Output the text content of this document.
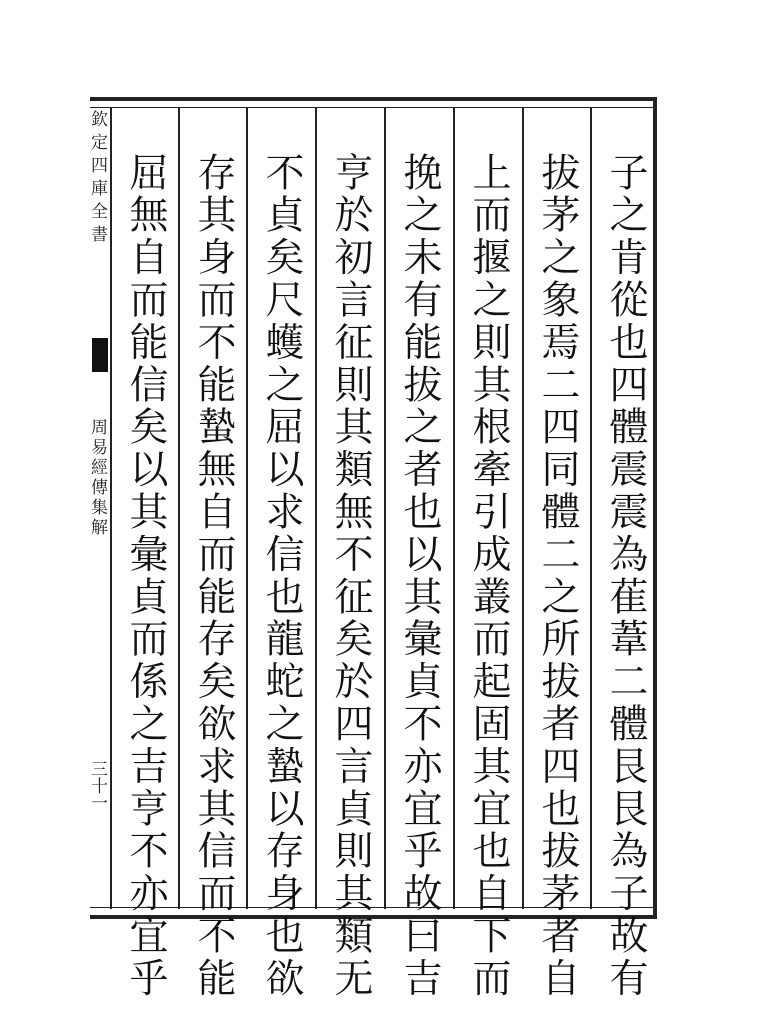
欽定四庫全書
周易經傳集解
三十一	子之肯從也四體震震為萑葦二體艮艮為子故有
拔茅之象焉二四同體二之所拔者四也拔茅者自
上而揠之則其根牽引成叢而起固其宜也自下而
挽之未有能拔之者也以其彙貞不亦宜乎故曰吉
亨於初言征則其類無不征矣於四言貞則其類无
不貞矣尺蠖之屈以求信也龍蛇之蟄以存身也欲
存其身而不能蟄無自而能存矣欲求其信而不能
屈無自而能信矣以其彙貞而係之吉亨不亦宜乎
